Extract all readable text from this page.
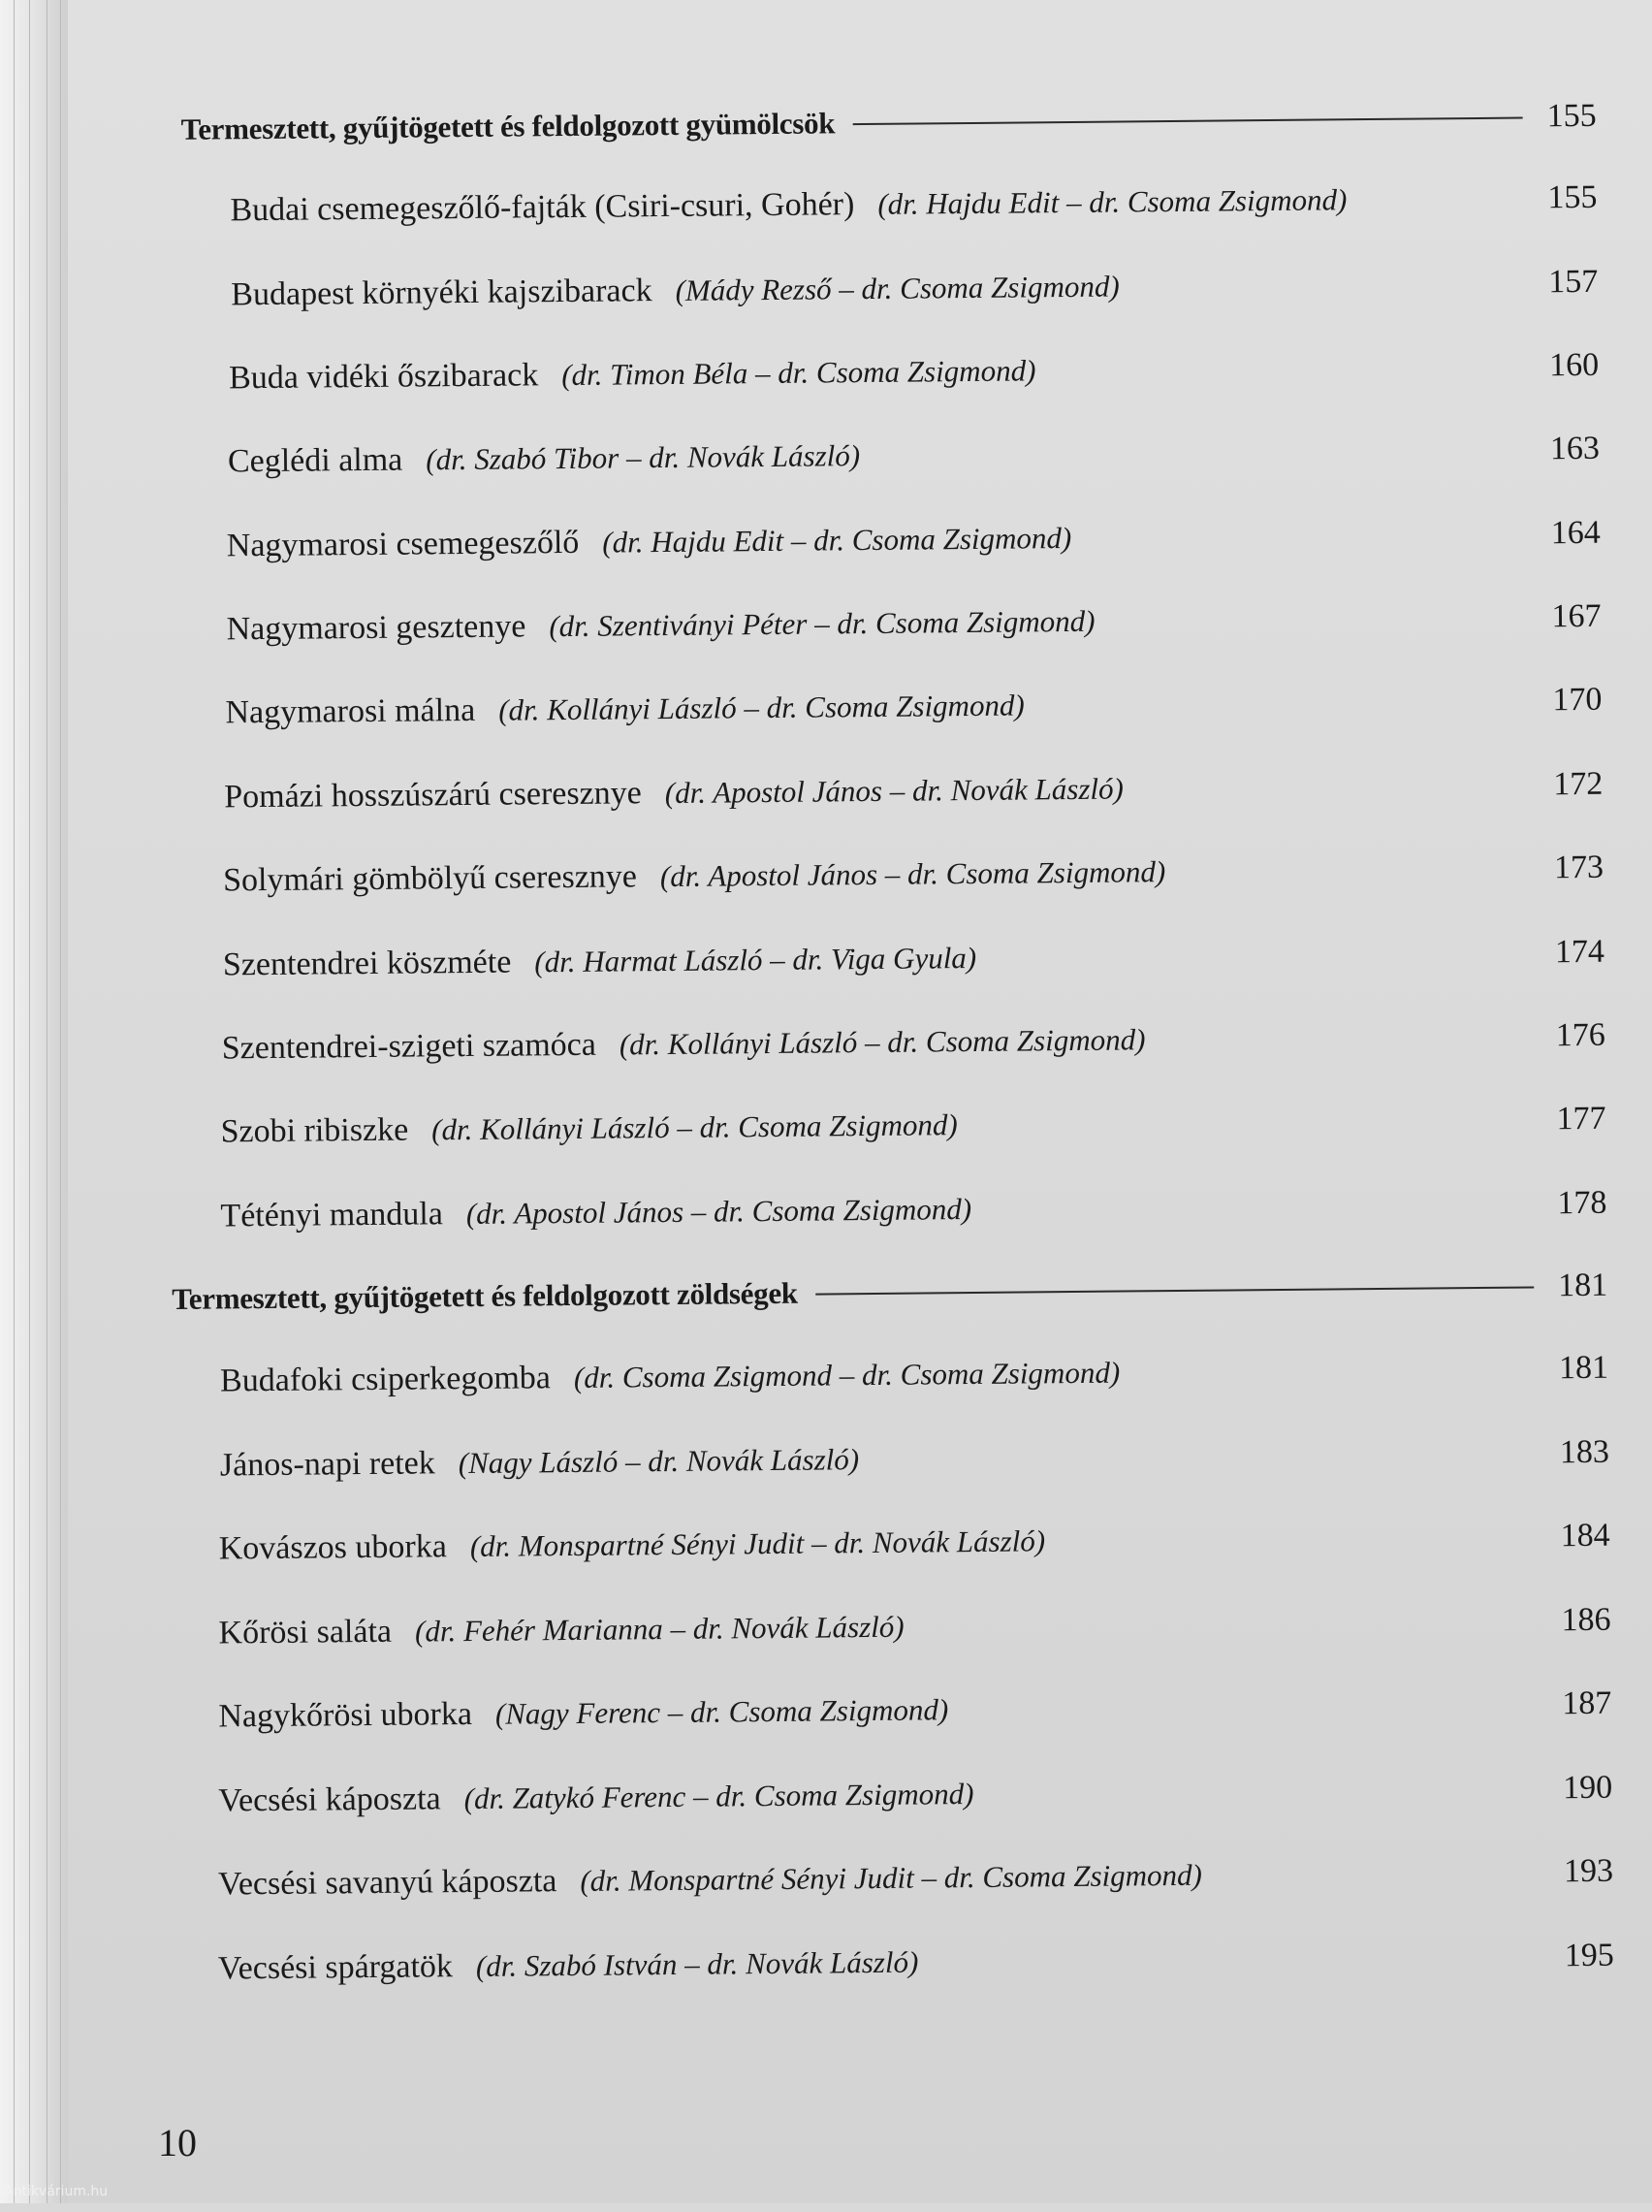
Termesztett, gyűjtögetett és feldolgozott gyümölcsök	155
Budai csemegeszőlő-fajták (Csiri-csuri, Gohér) (dr. Hajdu Edit – dr. Csoma Zsigmond)	155
Budapest környéki kajszibarack (Mády Rezső – dr. Csoma Zsigmond)	157
Buda vidéki őszibarack (dr. Timon Béla – dr. Csoma Zsigmond)	160
Ceglédi alma (dr. Szabó Tibor – dr. Novák László)	163
Nagymarosi csemegeszőlő (dr. Hajdu Edit – dr. Csoma Zsigmond)	164
Nagymarosi gesztenye (dr. Szentiványi Péter – dr. Csoma Zsigmond)	167
Nagymarosi málna (dr. Kollányi László – dr. Csoma Zsigmond)	170
Pomázi hosszúszárú cseresznye (dr. Apostol János – dr. Novák László)	172
Solymári gömbölyű cseresznye (dr. Apostol János – dr. Csoma Zsigmond)	173
Szentendrei köszméte (dr. Harmat László – dr. Viga Gyula)	174
Szentendrei-szigeti szamóca (dr. Kollányi László – dr. Csoma Zsigmond)	176
Szobi ribiszke (dr. Kollányi László – dr. Csoma Zsigmond)	177
Tétényi mandula (dr. Apostol János – dr. Csoma Zsigmond)	178
Termesztett, gyűjtögetett és feldolgozott zöldségek	181
Budafoki csiperkegomba (dr. Csoma Zsigmond – dr. Csoma Zsigmond)	181
János-napi retek (Nagy László – dr. Novák László)	183
Kovászos uborka (dr. Monspartné Sényi Judit – dr. Novák László)	184
Kőrösi saláta (dr. Fehér Marianna – dr. Novák László)	186
Nagykőrösi uborka (Nagy Ferenc – dr. Csoma Zsigmond)	187
Vecsési káposzta (dr. Zatykó Ferenc – dr. Csoma Zsigmond)	190
Vecsési savanyú káposzta (dr. Monspartné Sényi Judit – dr. Csoma Zsigmond)	193
Vecsési spárgatök (dr. Szabó István – dr. Novák László)	195
10
Antikvárium.hu
